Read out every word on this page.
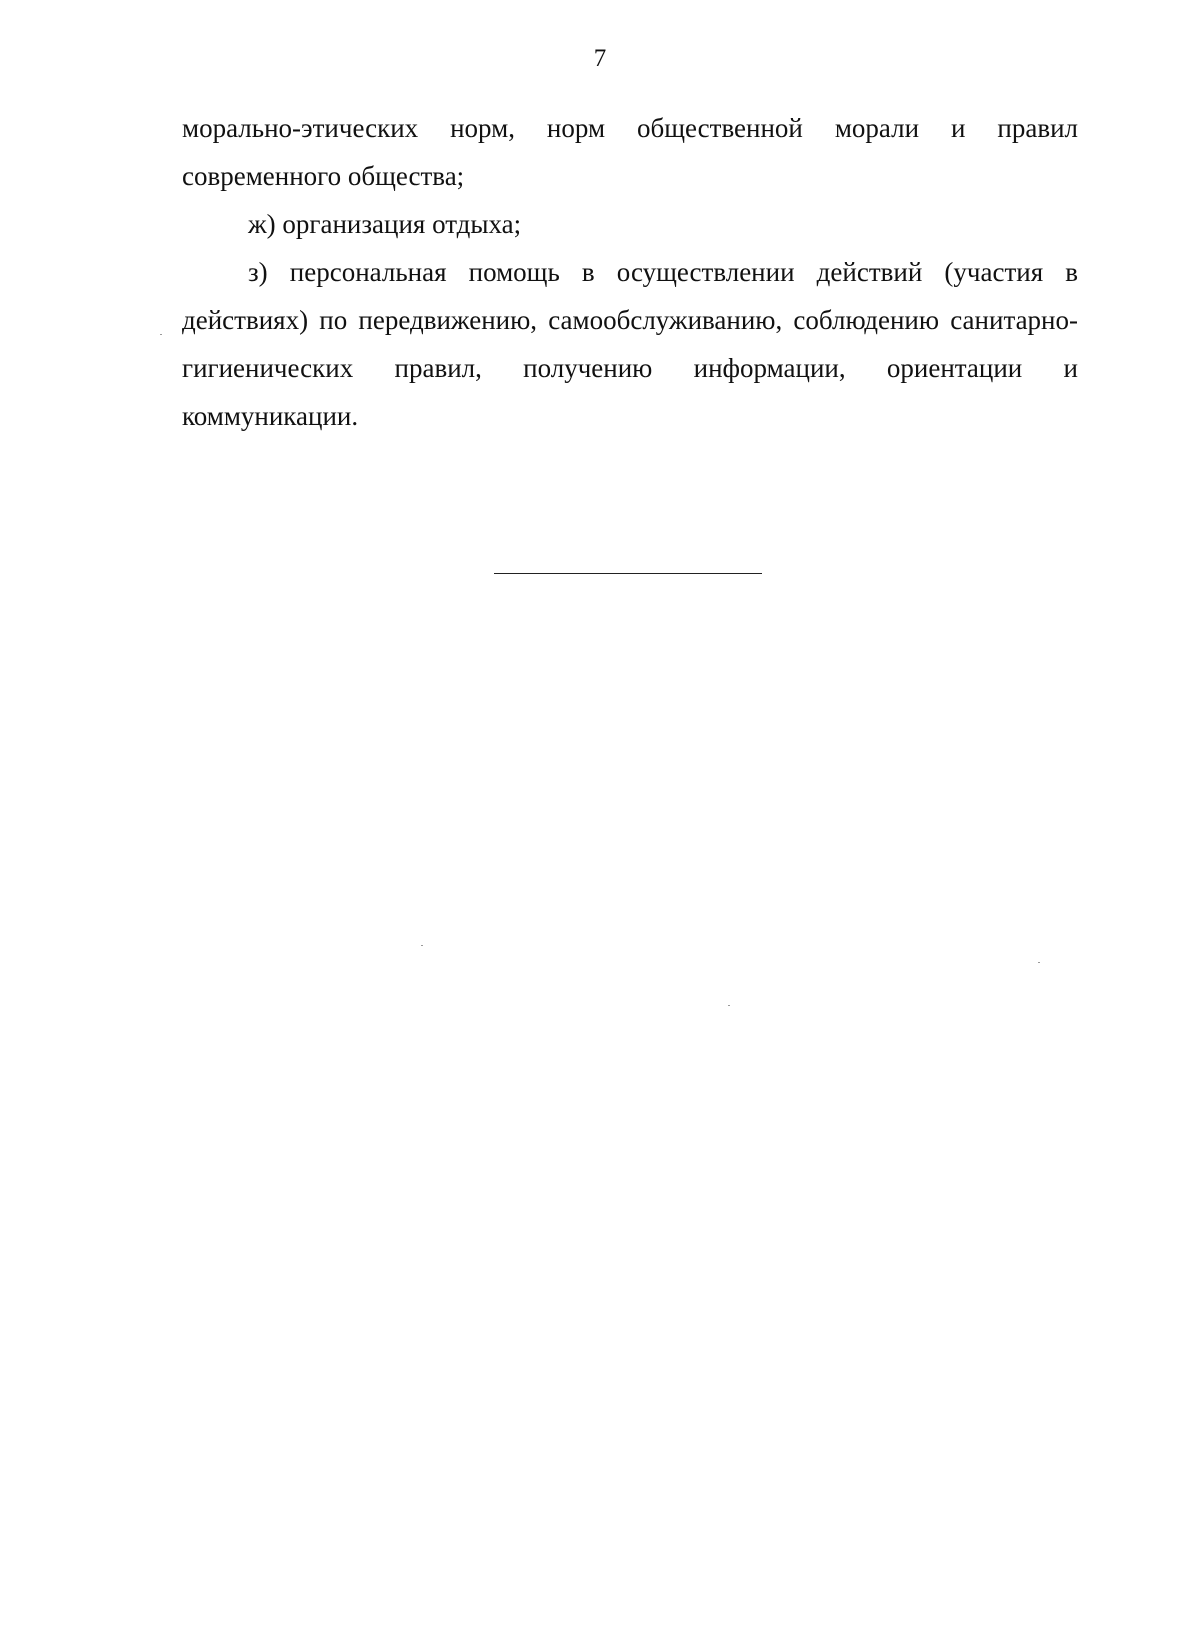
7

морально-этических норм, норм общественной морали и правил современного общества;

ж) организация отдыха;

з) персональная помощь в осуществлении действий (участия в действиях) по передвижению, самообслуживанию, соблюдению санитарно-гигиенических правил, получению информации, ориентации и коммуникации.
